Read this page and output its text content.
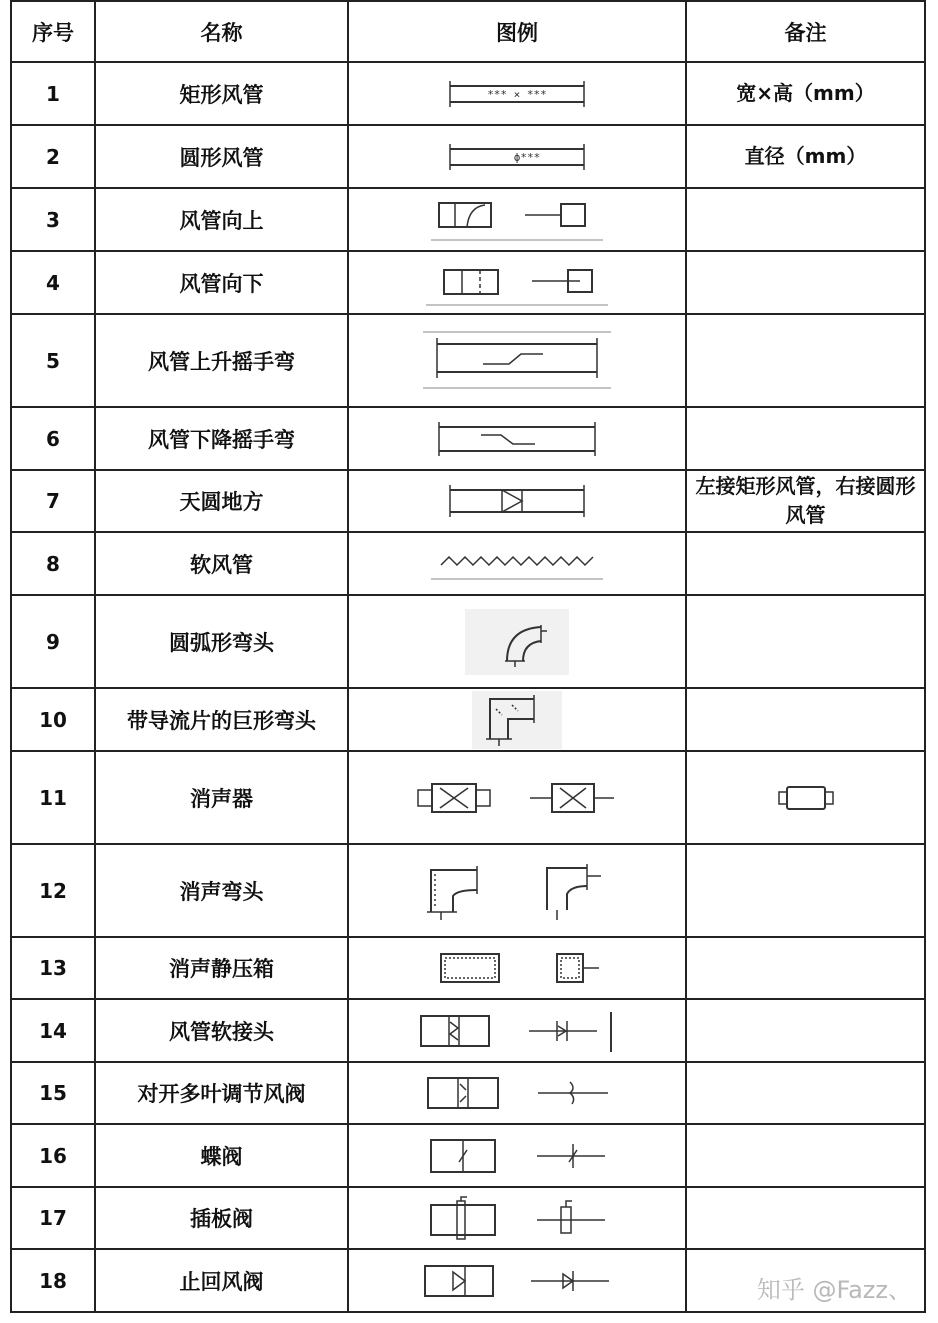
序号	名称	图例	备注
1	矩形风管	*** × ***	宽×高（mm）
2	圆形风管	ϕ***	直径（mm）
3	风管向上	

4	风管向下	

5	风管上升摇手弯	

6	风管下降摇手弯	

7	天圆地方		左接矩形风管，右接圆形风管
8	软风管	

9	圆弧形弯头	

10	带导流片的巨形弯头	

11	消声器	

12	消声弯头	

13	消声静压箱	

14	风管软接头	

15	对开多叶调节风阀	

16	蝶阀	

17	插板阀	

18	止回风阀	
		知乎 @Fazz、
